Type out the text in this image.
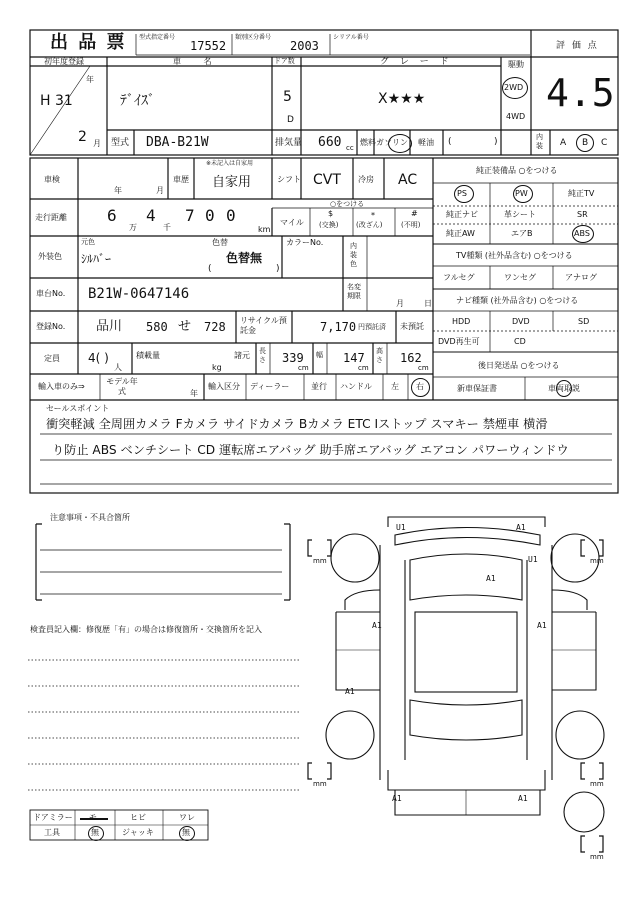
出 品 票 型式指定番号
17552
類別区分番号
2003
シリアル番号
評 価 点
4.5
初年度登録
年
H 31
2 月
車 名
ﾃﾞｲｽﾞ
ドア数
5
D
グ レ ー ド
X★★★
駆動
2WD
4WD
型式 DBA-B21W	排気量 660 cc
燃料 ガソリン 軽油 (	)	内装 A B C
車検
年	月
車歴
※未記入は自家用
自家用	シフト CVT 冷房 AC
走行距離	6
万
4
千
7 0 0
km
マイル
○をつける
$
(交換)
*
(改ざん)
#
(不明)
外装色
元色
ｼﾙﾊﾞｰ
色替
(
色替無
)
カラーNo.	内装色
車台No. B21W-0647146	名変期限
月	日
登録No. 品川 580 せ 728 リサイクル預託金	7,170 円預託済 未預託
定員 4( )
人
積載量
kg
諸元 長さ 339
cm
幅 147
cm
高さ 162
cm
輸入車のみ⇒
モデル年式	年
輸入区分 ディーラー	並行 ハンドル 左 右
純正装備品 ○をつける
PS	PW	純正TV
純正ナビ	革シート	SR
純正AW	エアB	ABS
TV種類 (社外品含む) ○をつける
フルセグ	ワンセグ	アナログ
ナビ種類 (社外品含む) ○をつける
HDD	DVD	SD
DVD再生可	CD
後日発送品 ○をつける
新車保証書	車両取説
セールスポイント
衝突軽減 全周囲カメラ Fカメラ サイドカメラ Bカメラ ETC Iストップ スマキー 禁煙車 横滑
り防止 ABS ベンチシート CD 運転席エアバッグ 助手席エアバッグ エアコン パワーウィンドウ
注意事項・不具合箇所
検査員記入欄：修復歴「有」の場合は修復箇所・交換箇所を記入
ドアミラー	ヒビ	ワレ
工具	無	ジャッキ	無
mm	mm
mm	mm
mm
U1	A1
U1
A1
A1	A1
A1
A1	A1
